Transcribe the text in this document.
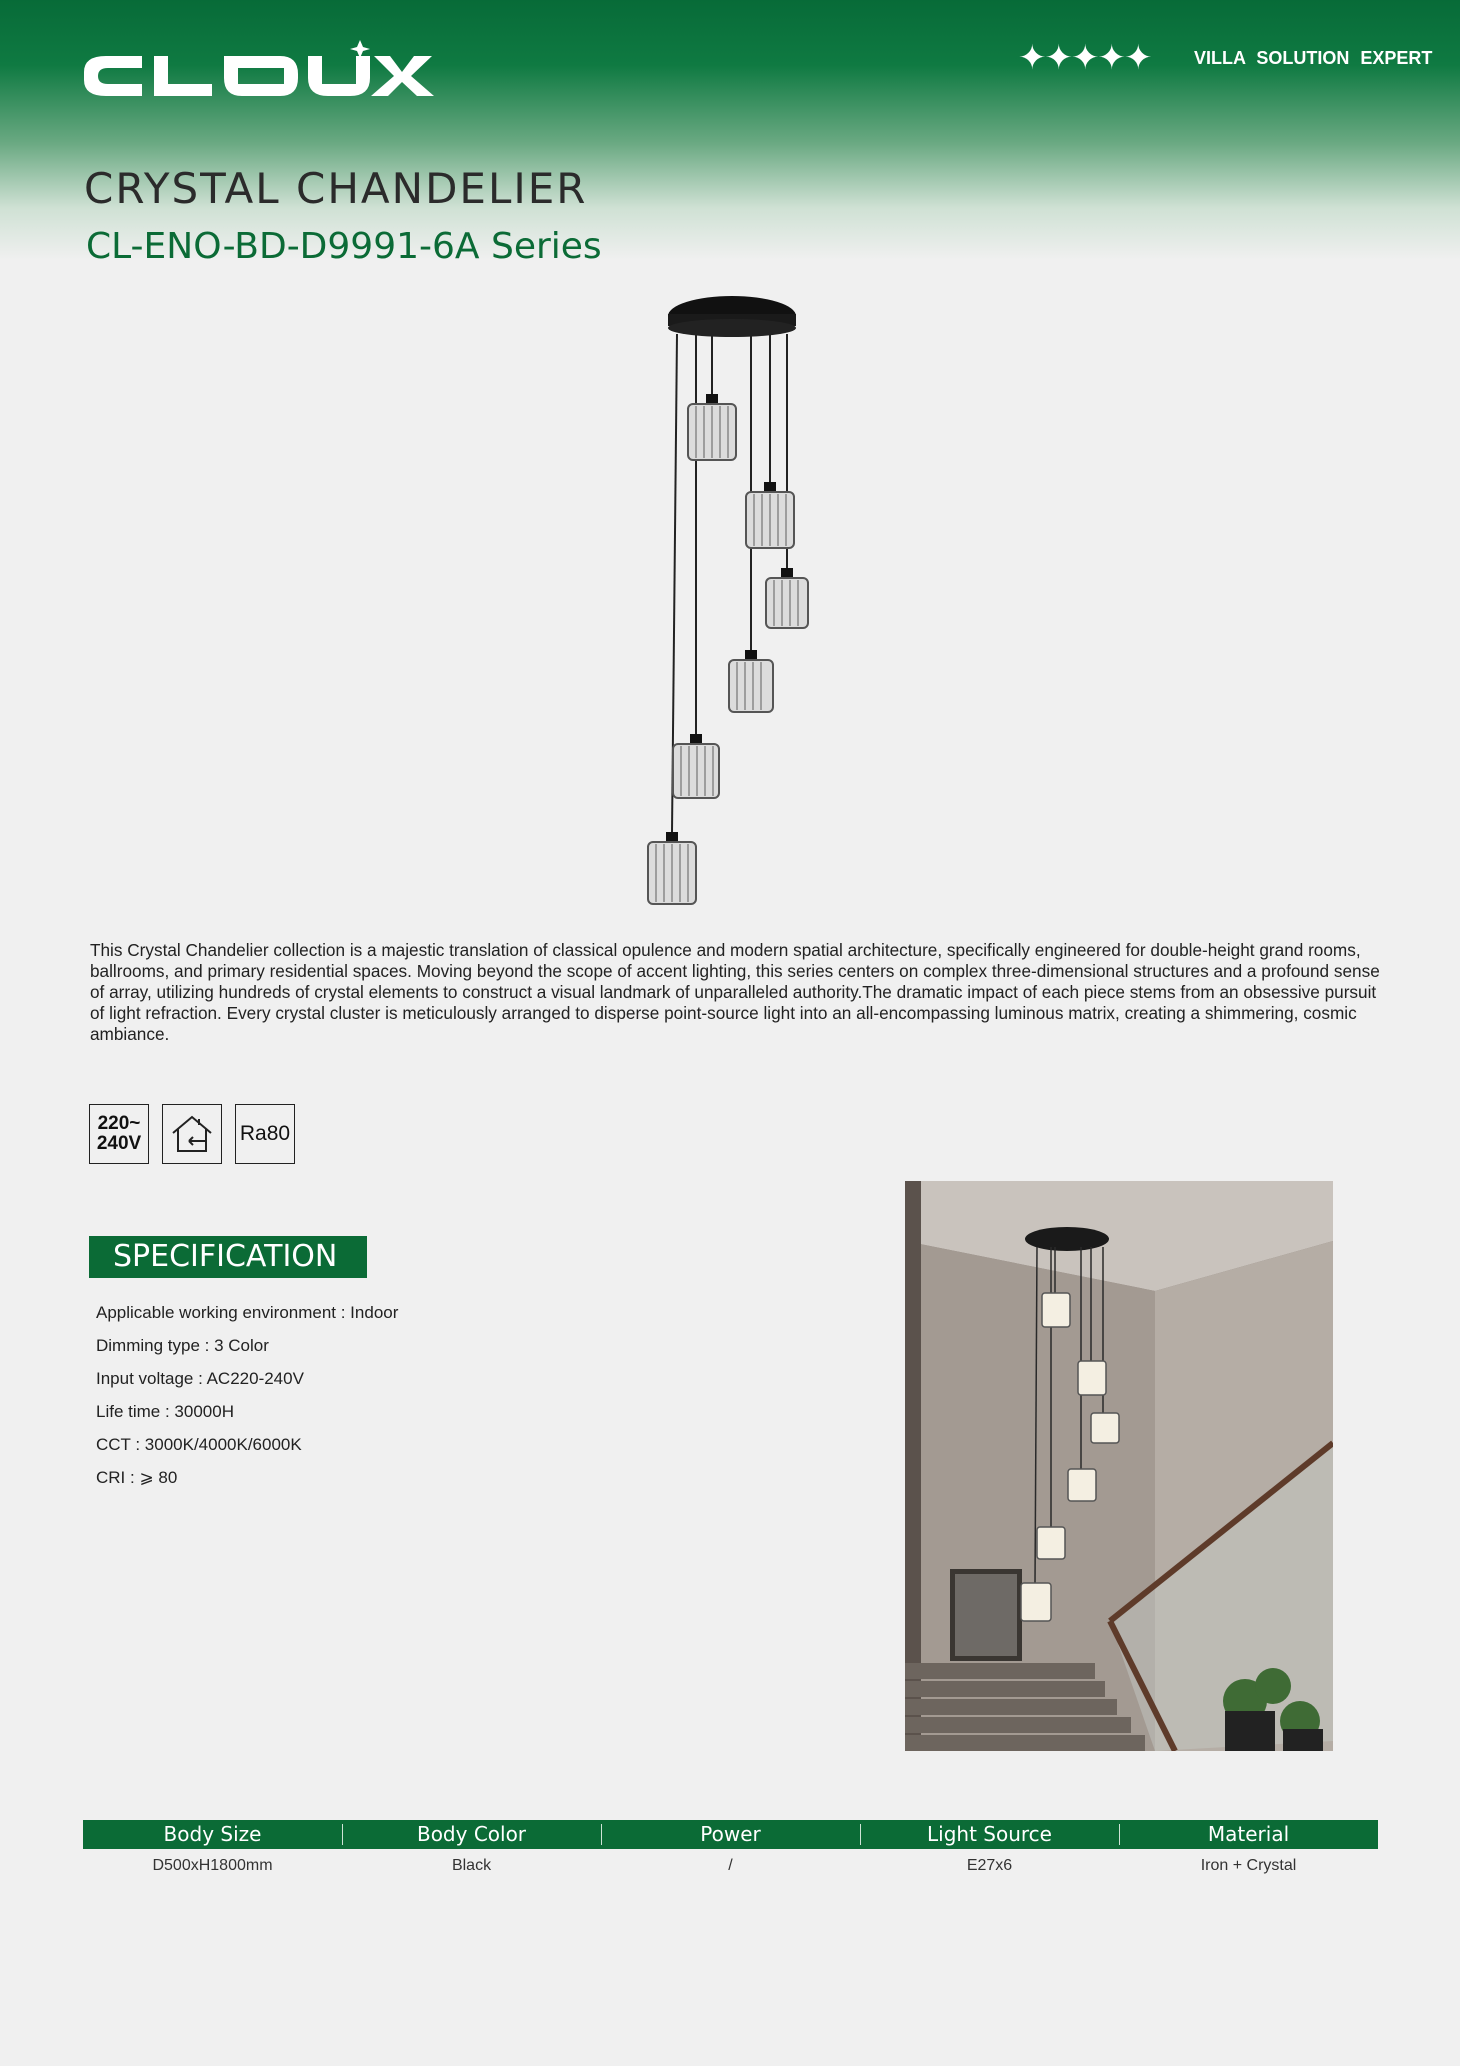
✦✦✦✦✦ VILLA SOLUTION EXPERT
CRYSTAL CHANDELIER
CL-ENO-BD-D9991-6A Series

This Crystal Chandelier collection is a majestic translation of classical opulence and modern spatial architecture, specifically engineered for double-height grand rooms, ballrooms, and primary residential spaces. Moving beyond the scope of accent lighting, this series centers on complex three-dimensional structures and a profound sense of array, utilizing hundreds of crystal elements to construct a visual landmark of unparalleled authority.The dramatic impact of each piece stems from an obsessive pursuit of light refraction. Every crystal cluster is meticulously arranged to disperse point-source light into an all-encompassing luminous matrix, creating a shimmering, cosmic ambiance.

220~
240V	Ra80
SPECIFICATION
Applicable working environment : Indoor
Dimming type : 3 Color
Input voltage : AC220-240V
Life time : 30000H
CCT : 3000K/4000K/6000K
CRI : ⩾ 80
Body Size	Body Color	Power	Light Source	Material
D500xH1800mm	Black	/	E27x6	Iron + Crystal
